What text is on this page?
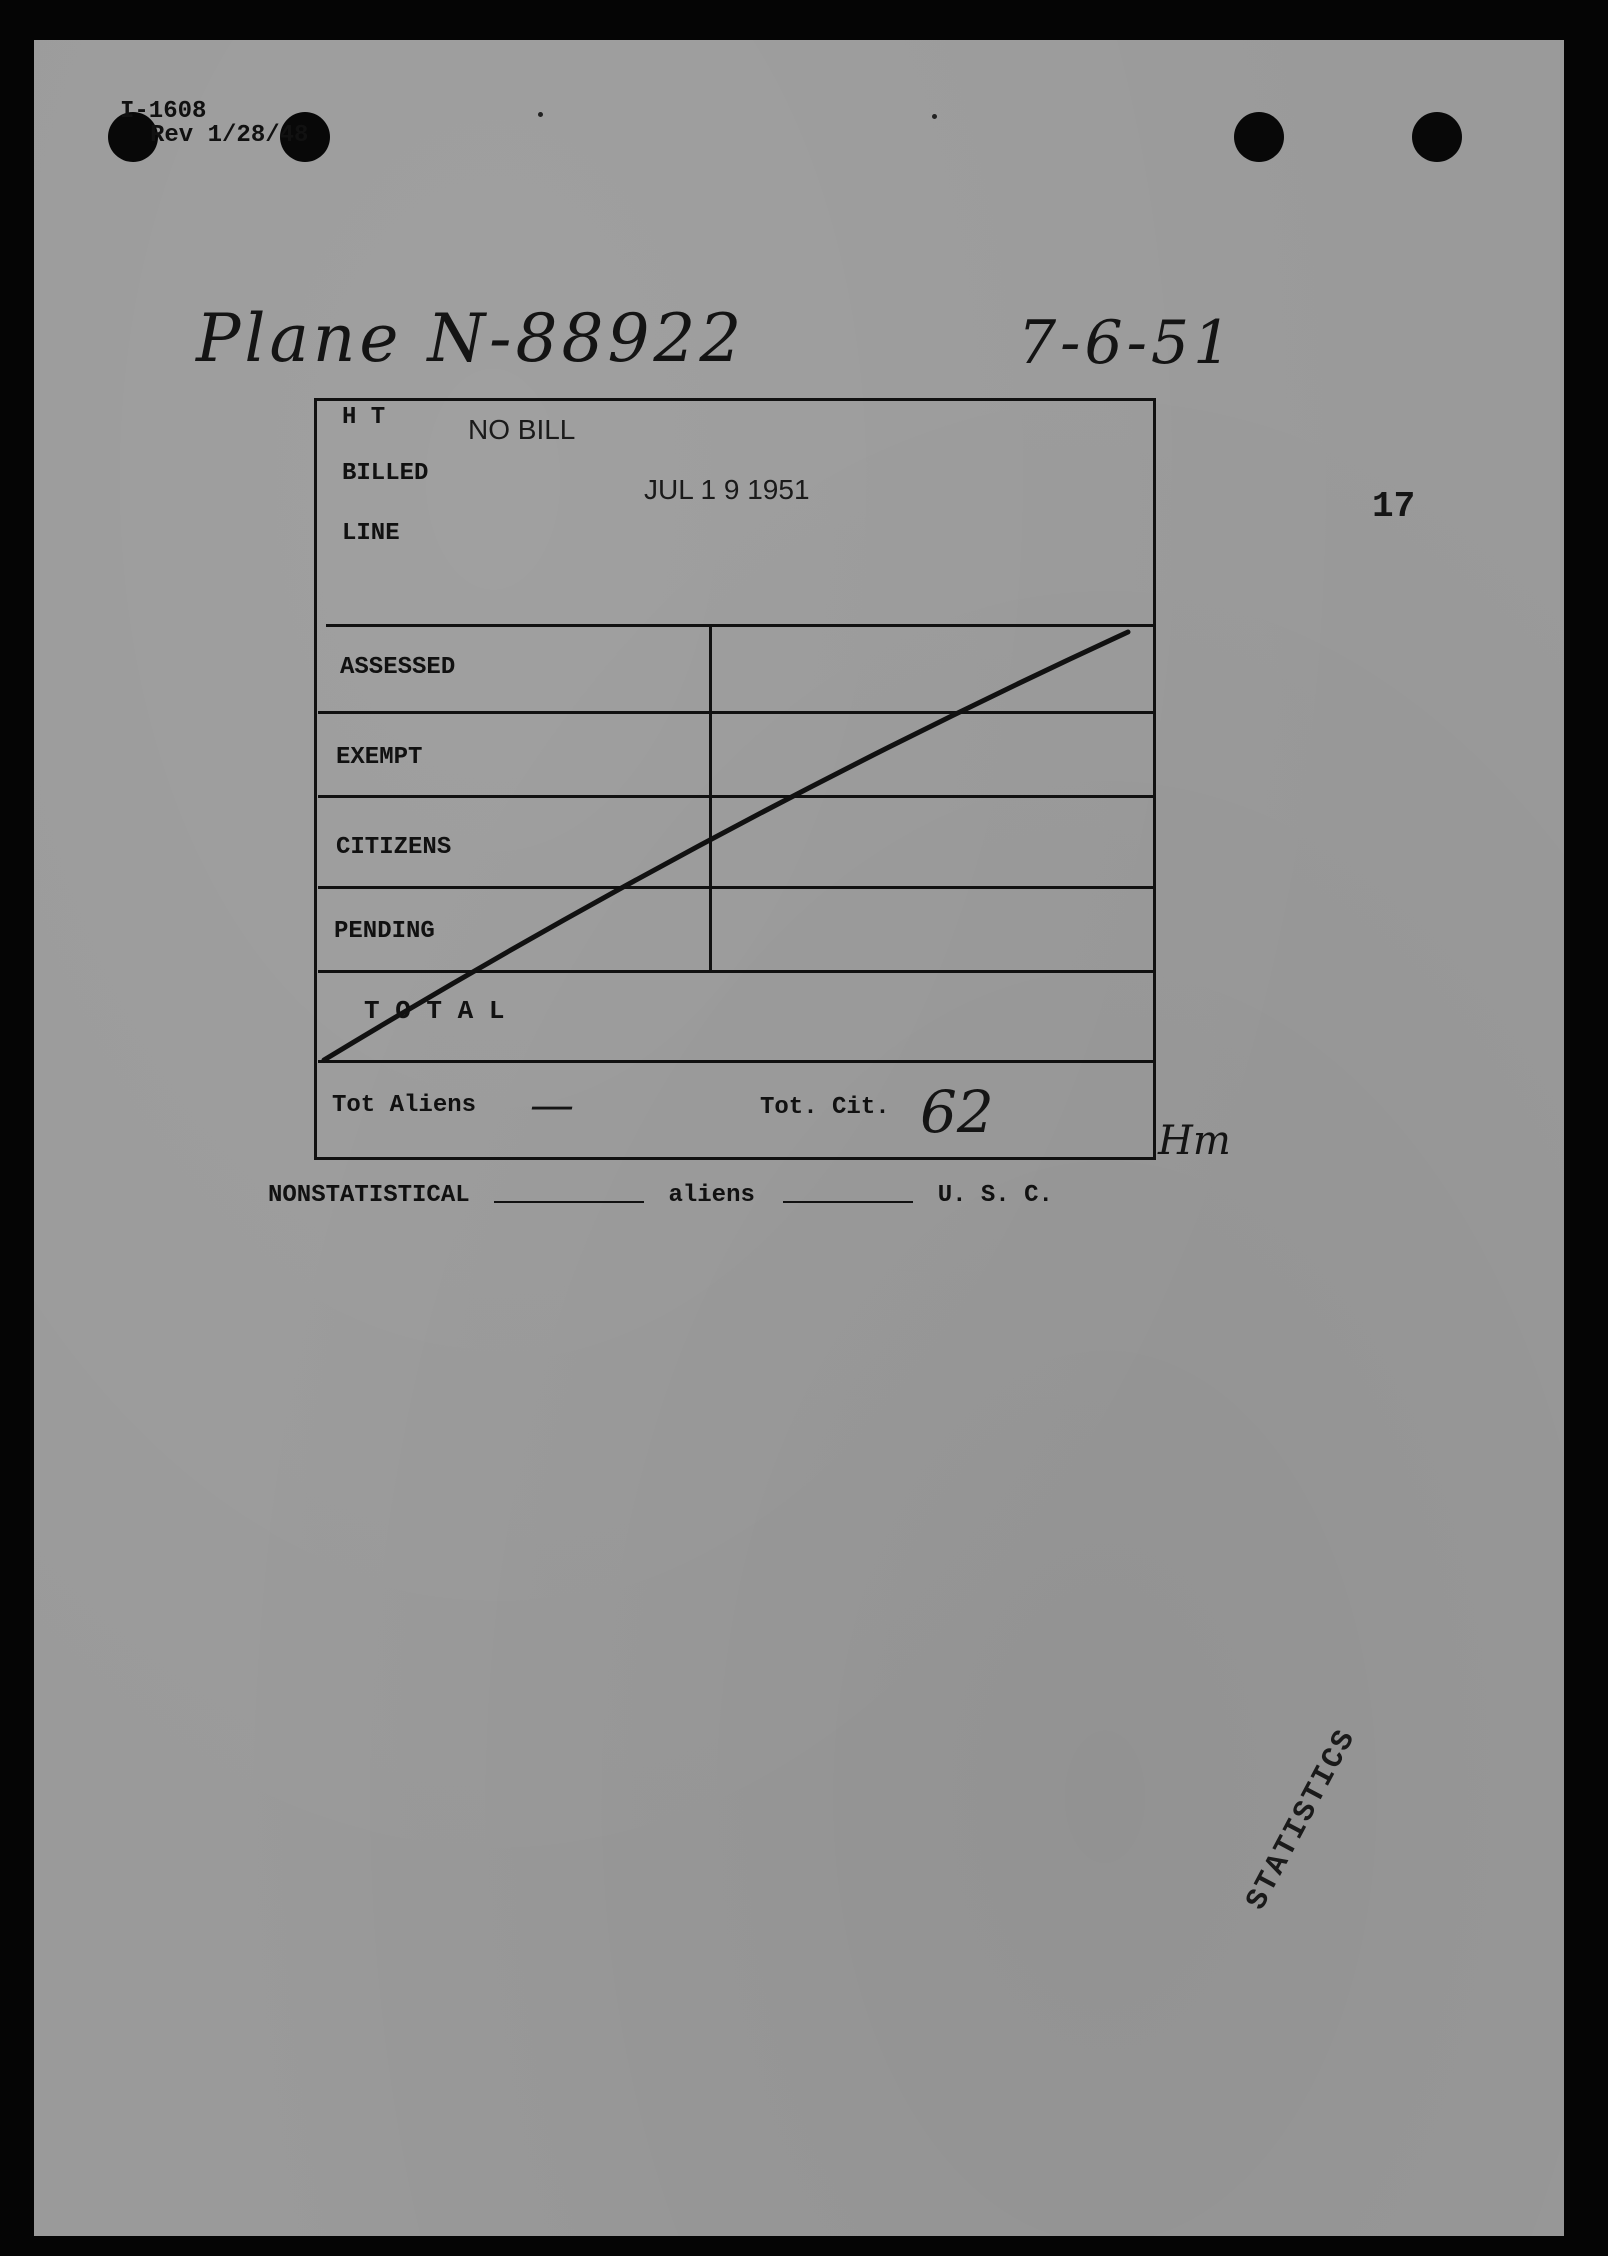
I-1608
Rev 1/28/48
Plane N-88922	7-6-51
17
H T
BILLED
LINE
NO BILL
JUL 1 9 1951
ASSESSED
EXEMPT
CITIZENS
PENDING
T O T A L
Tot Aliens —	Tot. Cit. 62	Hm
NONSTATISTICAL	aliens	U. S. C.
STATISTICS
